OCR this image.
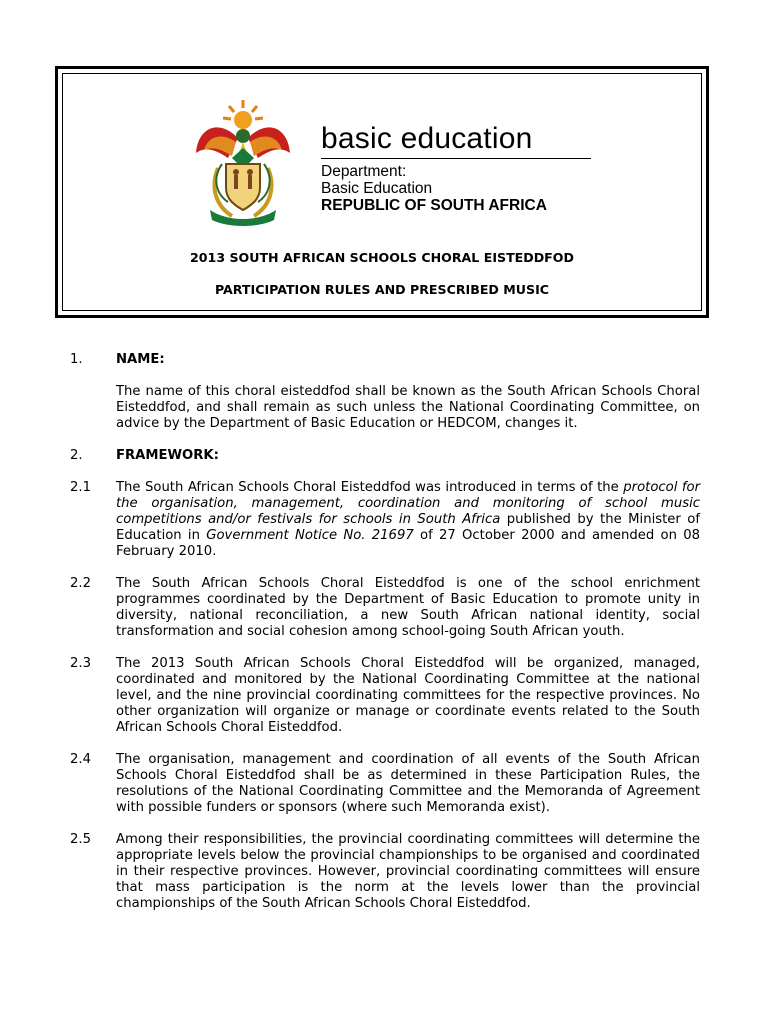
basic education
Department:
Basic Education
REPUBLIC OF SOUTH AFRICA
2013 SOUTH AFRICAN SCHOOLS CHORAL EISTEDDFOD
PARTICIPATION RULES AND PRESCRIBED MUSIC
1.	NAME:

The name of this choral eisteddfod shall be known as the South African Schools Choral Eisteddfod, and shall remain as such unless the National Coordinating Committee, on advice by the Department of Basic Education or HEDCOM, changes it.

2.	FRAMEWORK:
2.1 The South African Schools Choral Eisteddfod was introduced in terms of the protocol for the organisation, management, coordination and monitoring of school music competitions and/or festivals for schools in South Africa published by the Minister of Education in Government Notice No. 21697 of 27 October 2000 and amended on 08 February 2010.

2.2 The South African Schools Choral Eisteddfod is one of the school enrichment programmes coordinated by the Department of Basic Education to promote unity in diversity, national reconciliation, a new South African national identity, social transformation and social cohesion among school-going South African youth.

2.3 The 2013 South African Schools Choral Eisteddfod will be organized, managed, coordinated and monitored by the National Coordinating Committee at the national level, and the nine provincial coordinating committees for the respective provinces. No other organization will organize or manage or coordinate events related to the South African Schools Choral Eisteddfod.

2.4 The organisation, management and coordination of all events of the South African Schools Choral Eisteddfod shall be as determined in these Participation Rules, the resolutions of the National Coordinating Committee and the Memoranda of Agreement with possible funders or sponsors (where such Memoranda exist).

2.5 Among their responsibilities, the provincial coordinating committees will determine the appropriate levels below the provincial championships to be organised and coordinated in their respective provinces. However, provincial coordinating committees will ensure that mass participation is the norm at the levels lower than the provincial championships of the South African Schools Choral Eisteddfod.
